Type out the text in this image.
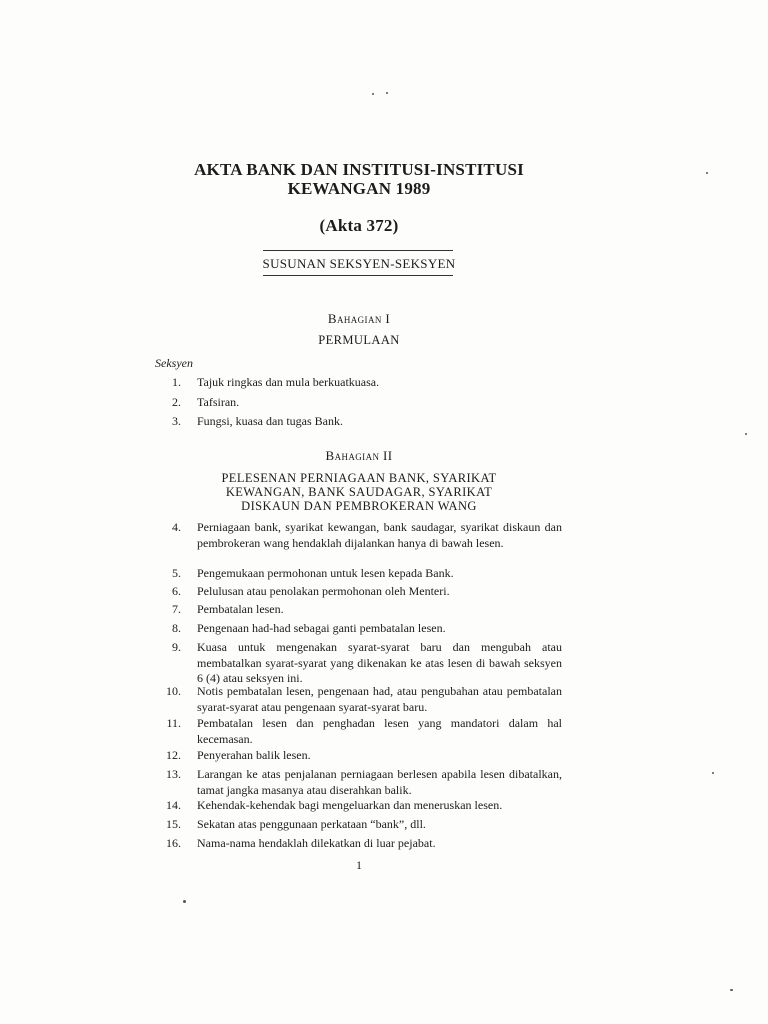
AKTA BANK DAN INSTITUSI-INSTITUSI
KEWANGAN 1989
(Akta 372)
SUSUNAN SEKSYEN-SEKSYEN
Bahagian I
PERMULAAN
Seksyen
1. Tajuk ringkas dan mula berkuatkuasa.
2. Tafsiran.
3. Fungsi, kuasa dan tugas Bank.
Bahagian II
PELESENAN PERNIAGAAN BANK, SYARIKAT
KEWANGAN, BANK SAUDAGAR, SYARIKAT
DISKAUN DAN PEMBROKERAN WANG
4. Perniagaan bank, syarikat kewangan, bank saudagar, syarikat diskaun dan pembrokeran wang hendaklah dijalankan hanya di bawah lesen.
5. Pengemukaan permohonan untuk lesen kepada Bank.
6. Pelulusan atau penolakan permohonan oleh Menteri.
7. Pembatalan lesen.
8. Pengenaan had-had sebagai ganti pembatalan lesen.
9. Kuasa untuk mengenakan syarat-syarat baru dan mengubah atau membatalkan syarat-syarat yang dikenakan ke atas lesen di bawah seksyen 6 (4) atau seksyen ini.
10. Notis pembatalan lesen, pengenaan had, atau pengubahan atau pembatalan syarat-syarat atau pengenaan syarat-syarat baru.
11. Pembatalan lesen dan penghadan lesen yang mandatori dalam hal kecemasan.
12. Penyerahan balik lesen.
13. Larangan ke atas penjalanan perniagaan berlesen apabila lesen dibatalkan, tamat jangka masanya atau diserahkan balik.
14. Kehendak-kehendak bagi mengeluarkan dan meneruskan lesen.
15. Sekatan atas penggunaan perkataan “bank”, dll.
16. Nama-nama hendaklah dilekatkan di luar pejabat.
1
